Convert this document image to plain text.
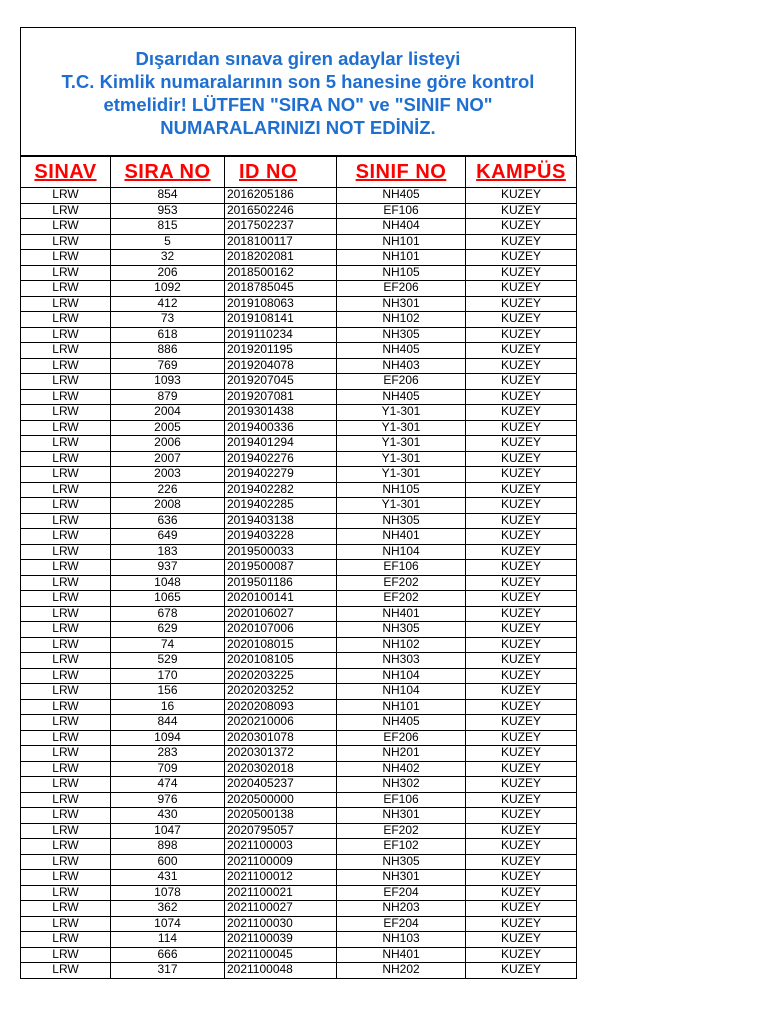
Dışarıdan sınava giren adaylar listeyi
T.C. Kimlik numaralarının son 5 hanesine göre kontrol
etmelidir! LÜTFEN "SIRA NO" ve "SINIF NO"
NUMARALARINIZI NOT EDİNİZ.

SINAV	SIRA NO	ID NO	SINIF NO	KAMPÜS
LRW	854	2016205186	NH405	KUZEY
LRW	953	2016502246	EF106	KUZEY
LRW	815	2017502237	NH404	KUZEY
LRW	5	2018100117	NH101	KUZEY
LRW	32	2018202081	NH101	KUZEY
LRW	206	2018500162	NH105	KUZEY
LRW	1092	2018785045	EF206	KUZEY
LRW	412	2019108063	NH301	KUZEY
LRW	73	2019108141	NH102	KUZEY
LRW	618	2019110234	NH305	KUZEY
LRW	886	2019201195	NH405	KUZEY
LRW	769	2019204078	NH403	KUZEY
LRW	1093	2019207045	EF206	KUZEY
LRW	879	2019207081	NH405	KUZEY
LRW	2004	2019301438	Y1-301	KUZEY
LRW	2005	2019400336	Y1-301	KUZEY
LRW	2006	2019401294	Y1-301	KUZEY
LRW	2007	2019402276	Y1-301	KUZEY
LRW	2003	2019402279	Y1-301	KUZEY
LRW	226	2019402282	NH105	KUZEY
LRW	2008	2019402285	Y1-301	KUZEY
LRW	636	2019403138	NH305	KUZEY
LRW	649	2019403228	NH401	KUZEY
LRW	183	2019500033	NH104	KUZEY
LRW	937	2019500087	EF106	KUZEY
LRW	1048	2019501186	EF202	KUZEY
LRW	1065	2020100141	EF202	KUZEY
LRW	678	2020106027	NH401	KUZEY
LRW	629	2020107006	NH305	KUZEY
LRW	74	2020108015	NH102	KUZEY
LRW	529	2020108105	NH303	KUZEY
LRW	170	2020203225	NH104	KUZEY
LRW	156	2020203252	NH104	KUZEY
LRW	16	2020208093	NH101	KUZEY
LRW	844	2020210006	NH405	KUZEY
LRW	1094	2020301078	EF206	KUZEY
LRW	283	2020301372	NH201	KUZEY
LRW	709	2020302018	NH402	KUZEY
LRW	474	2020405237	NH302	KUZEY
LRW	976	2020500000	EF106	KUZEY
LRW	430	2020500138	NH301	KUZEY
LRW	1047	2020795057	EF202	KUZEY
LRW	898	2021100003	EF102	KUZEY
LRW	600	2021100009	NH305	KUZEY
LRW	431	2021100012	NH301	KUZEY
LRW	1078	2021100021	EF204	KUZEY
LRW	362	2021100027	NH203	KUZEY
LRW	1074	2021100030	EF204	KUZEY
LRW	114	2021100039	NH103	KUZEY
LRW	666	2021100045	NH401	KUZEY
LRW	317	2021100048	NH202	KUZEY
